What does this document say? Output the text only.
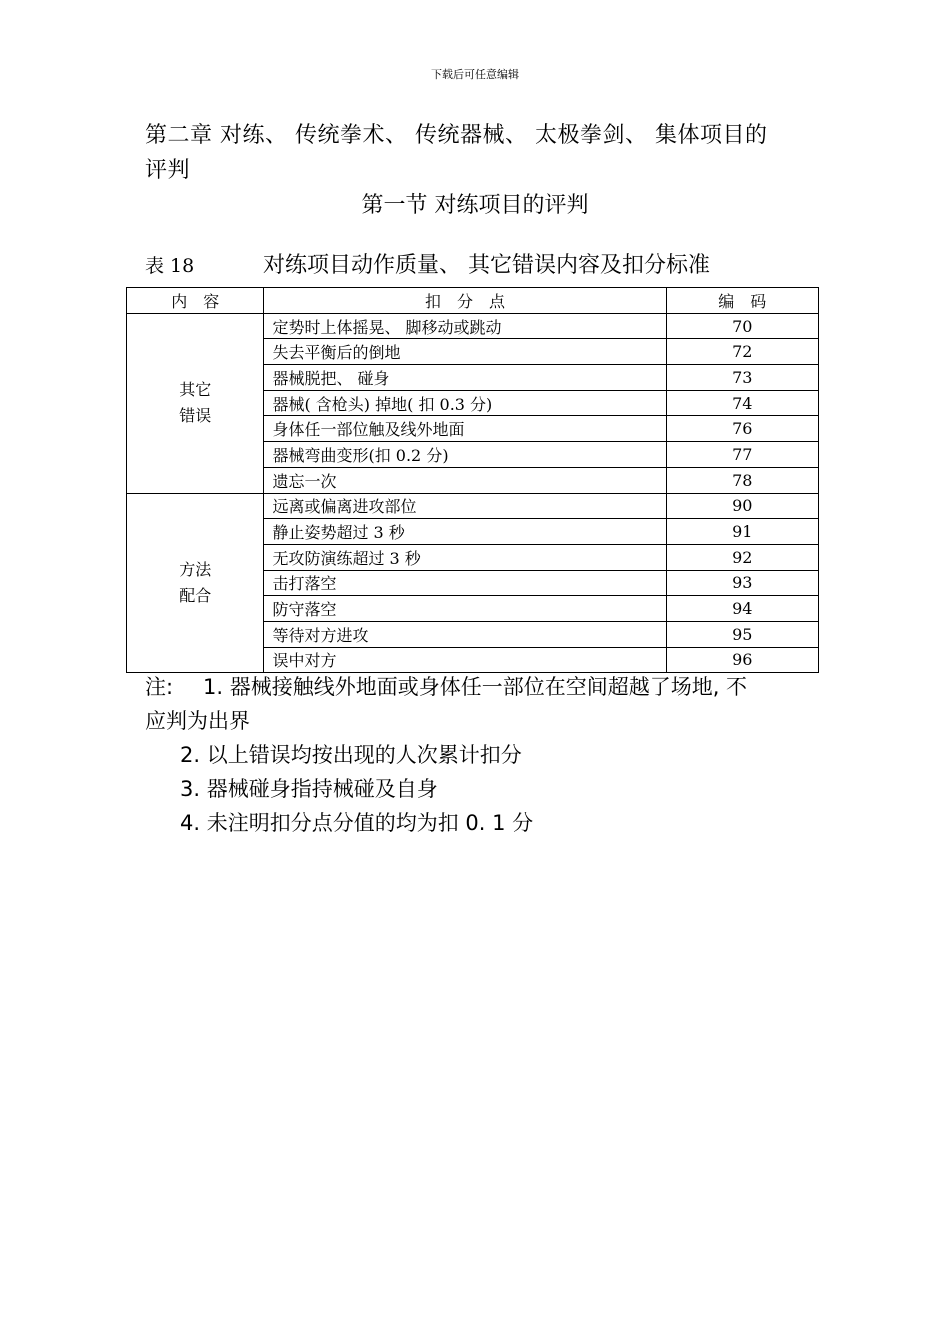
下载后可任意编辑
第二章 对练、 传统拳术、 传统器械、 太极拳剑、 集体项目的
评判
第一节 对练项目的评判
表 18	对练项目动作质量、 其它错误内容及扣分标准
内　容	扣　分　点	编　码

其它
错误	定势时上体摇晃、 脚移动或跳动	70
	失去平衡后的倒地	72
	器械脱把、 碰身	73
	器械( 含枪头) 掉地( 扣 0.3 分)	74
	身体任一部位触及线外地面	76
	器械弯曲变形(扣 0.2 分)	77
	遗忘一次	78

方法
配合	远离或偏离进攻部位	90
	静止姿势超过 3 秒	91
	无攻防演练超过 3 秒	92
	击打落空	93
	防守落空	94
	等待对方进攻	95
	误中对方	96
注: 1. 器械接触线外地面或身体任一部位在空间超越了场地, 不
应判为出界
2. 以上错误均按出现的人次累计扣分
3. 器械碰身指持械碰及自身
4. 未注明扣分点分值的均为扣 0. 1 分
